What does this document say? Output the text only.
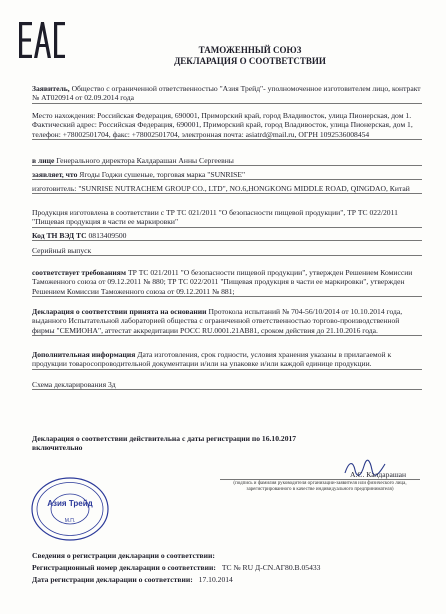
ТАМОЖЕННЫЙ СОЮЗ
ДЕКЛАРАЦИЯ О СООТВЕТСТВИИ
Заявитель, Общество с ограниченной ответственностью "Азия Трейд"- уполномоченное изготовителем лицо, контракт № АТ020914 от 02.09.2014 года
Место нахождения: Российская Федерация, 690001, Приморский край, город Владивосток, улица Пионерская, дом 1. Фактический адрес: Российская Федерация, 690001, Приморский край, город Владивосток, улица Пионерская, дом 1, телефон: +78002501704, факс: +78002501704, электронная почта: asiatrd@mail.ru, ОГРН 1092536008454
в лице Генерального директора Калдарашан Анны Сергеевны
заявляет, что Ягоды Годжи сушеные, торговая марка "SUNRISE"
изготовитель: "SUNRISE NUTRACHEM GROUP CO., LTD", NO.6,HONGKONG MIDDLE ROAD, QINGDAO, Китай
Продукция изготовлена в соответствии с ТР ТС 021/2011 "О безопасности пищевой продукции", ТР ТС 022/2011 "Пищевая продукция в части ее маркировки"
Код ТН ВЭД ТС 0813409500
Серийный выпуск
соответствует требованиям ТР ТС 021/2011 "О безопасности пищевой продукции", утвержден Решением Комиссии Таможенного союза от 09.12.2011 № 880; ТР ТС 022/2011 "Пищевая продукция в части ее маркировки", утвержден Решением Комиссии Таможенного союза от 09.12.2011 № 881;
Декларация о соответствии принята на основании Протокола испытаний № 704-56/10/2014 от 10.10.2014 года, выданного Испытательной лабораторией общества с ограниченной ответственностью торгово-производственной фирмы "СЕМИОНА", аттестат аккредитации РОСС RU.0001.21АВ81, сроком действия до 21.10.2016 года.
Дополнительная информация Дата изготовления, срок годности, условия хранения указаны в прилагаемой к продукции товаросопроводительной документации и/или на упаковке и/или каждой единице продукции.
Схема декларирования 3д
Декларация о соответствии действительна с даты регистрации по 16.10.2017 включительно
А.С. Калдарашан
(подпись и фамилия руководителя организации-заявителя или физического лица, зарегистрированного в качестве индивидуального предпринимателя)
Азия Трейд
М.П.
Сведения о регистрации декларации о соответствии:
Регистрационный номер декларации о соответствии: ТС № RU Д-CN.АГ80.В.05433
Дата регистрации декларации о соответствии: 17.10.2014
